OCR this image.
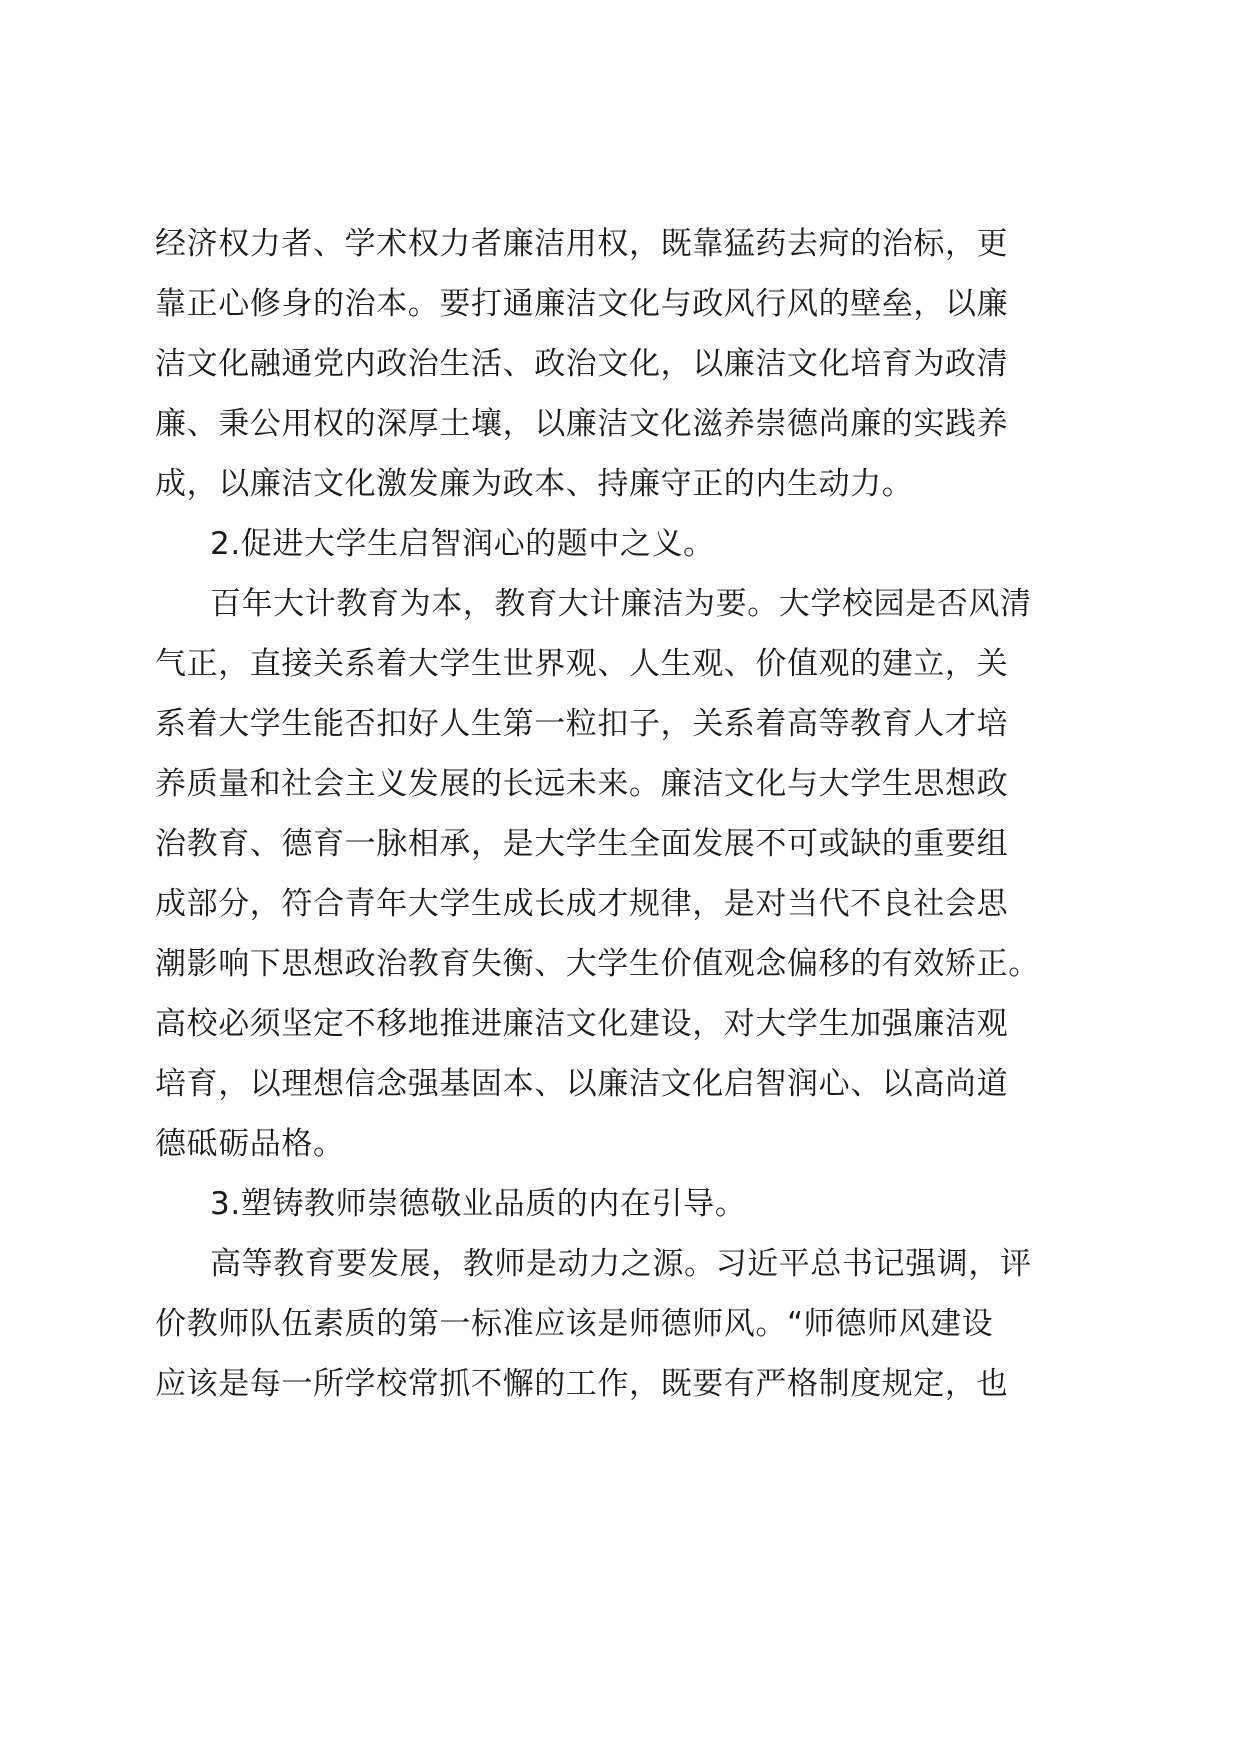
经济权力者、学术权力者廉洁用权，既靠猛药去疴的治标，更
靠正心修身的治本。要打通廉洁文化与政风行风的壁垒，以廉
洁文化融通党内政治生活、政治文化，以廉洁文化培育为政清
廉、秉公用权的深厚土壤，以廉洁文化滋养崇德尚廉的实践养
成，以廉洁文化激发廉为政本、持廉守正的内生动力。
2.促进大学生启智润心的题中之义。
百年大计教育为本，教育大计廉洁为要。大学校园是否风清
气正，直接关系着大学生世界观、人生观、价值观的建立，关
系着大学生能否扣好人生第一粒扣子，关系着高等教育人才培
养质量和社会主义发展的长远未来。廉洁文化与大学生思想政
治教育、德育一脉相承，是大学生全面发展不可或缺的重要组
成部分，符合青年大学生成长成才规律，是对当代不良社会思
潮影响下思想政治教育失衡、大学生价值观念偏移的有效矫正。
高校必须坚定不移地推进廉洁文化建设，对大学生加强廉洁观
培育，以理想信念强基固本、以廉洁文化启智润心、以高尚道
德砥砺品格。
3.塑铸教师崇德敬业品质的内在引导。
高等教育要发展，教师是动力之源。习近平总书记强调，评
价教师队伍素质的第一标准应该是师德师风。“师德师风建设
应该是每一所学校常抓不懈的工作，既要有严格制度规定，也
